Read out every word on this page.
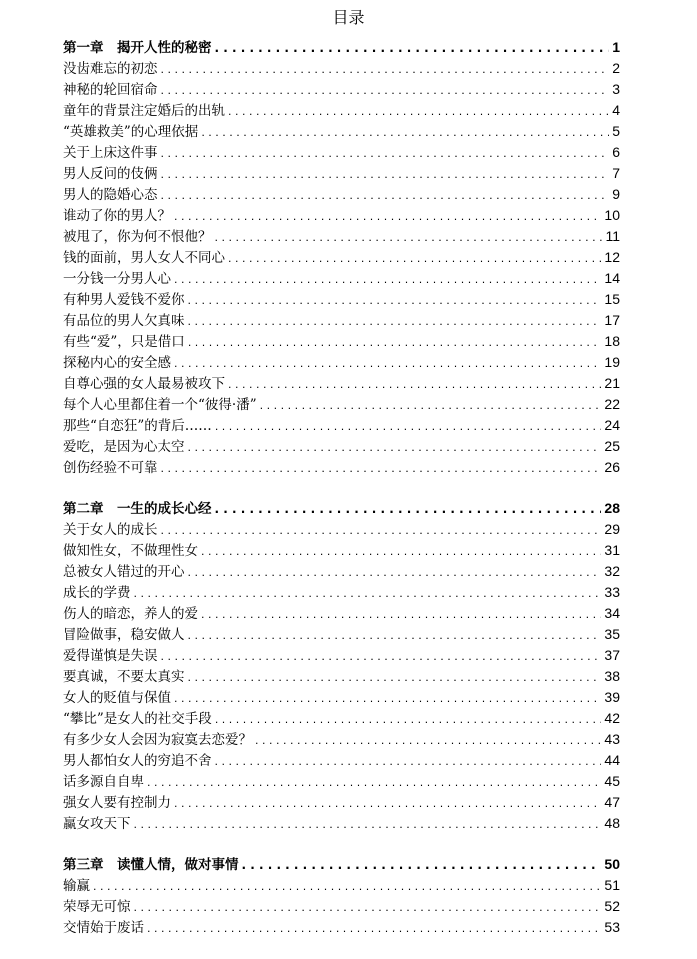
目录
第一章　揭开人性的秘密 . . .	1
没齿难忘的初恋 . . .	2
神秘的轮回宿命 . . .	3
童年的背景注定婚后的出轨 . . .	4
“英雄救美”的心理依据 . . .	5
关于上床这件事 . . .	6
男人反问的伎俩 . . .	7
男人的隐婚心态 . . .	9
谁动了你的男人？ . . .	10
被甩了，你为何不恨他？ . . .	11
钱的面前，男人女人不同心 . . .	12
一分钱一分男人心 . . .	14
有种男人爱钱不爱你 . . .	15
有品位的男人欠真味 . . .	17
有些“爱”，只是借口 . . .	18
探秘内心的安全感 . . .	19
自尊心强的女人最易被攻下 . . .	21
每个人心里都住着一个“彼得·潘” . . .	22
那些“自恋狂”的背后…… . . .	24
爱吃，是因为心太空 . . .	25
创伤经验不可靠 . . .	26
第二章　一生的成长心经 . . .	28
关于女人的成长 . . .	29
做知性女，不做理性女 . . .	31
总被女人错过的开心 . . .	32
成长的学费 . . .	33
伤人的暗恋，养人的爱 . . .	34
冒险做事，稳安做人 . . .	35
爱得谨慎是失误 . . .	37
要真诚，不要太真实 . . .	38
女人的贬值与保值 . . .	39
“攀比”是女人的社交手段 . . .	42
有多少女人会因为寂寞去恋爱？ . . .	43
男人都怕女人的穷追不舍 . . .	44
话多源自自卑 . . .	45
强女人要有控制力 . . .	47
赢女攻天下 . . .	48
第三章　读懂人情，做对事情 . . .	50
输赢 . . .	51
荣辱无可惊 . . .	52
交情始于废话 . . .	53
